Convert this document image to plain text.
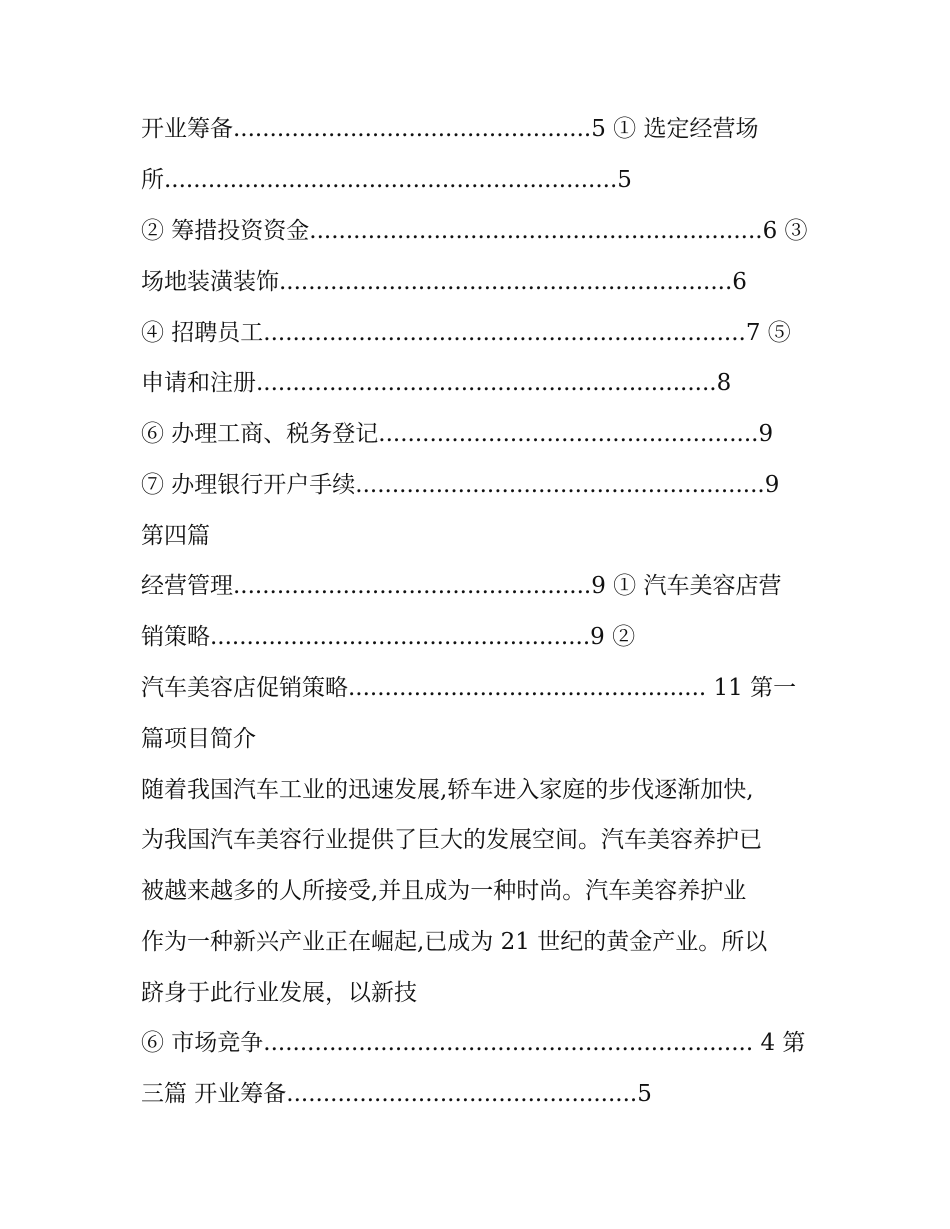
开业筹备.................................................5 ① 选定经营场
所..............................................................5
② 筹措投资资金..............................................................6 ③
场地装潢装饰..............................................................6
④ 招聘员工..................................................................7 ⑤
申请和注册...............................................................8
⑥ 办理工商、税务登记....................................................9
⑦ 办理银行开户手续........................................................9
第四篇
经营管理.................................................9 ① 汽车美容店营
销策略....................................................9 ②
汽车美容店促销策略................................................. 11 第一
篇项目简介
随着我国汽车工业的迅速发展,轿车进入家庭的步伐逐渐加快,
为我国汽车美容行业提供了巨大的发展空间。汽车美容养护已
被越来越多的人所接受,并且成为一种时尚。汽车美容养护业
作为一种新兴产业正在崛起,已成为 21 世纪的黄金产业。所以
跻身于此行业发展，以新技
⑥ 市场竞争................................................................... 4 第
三篇 开业筹备................................................5
